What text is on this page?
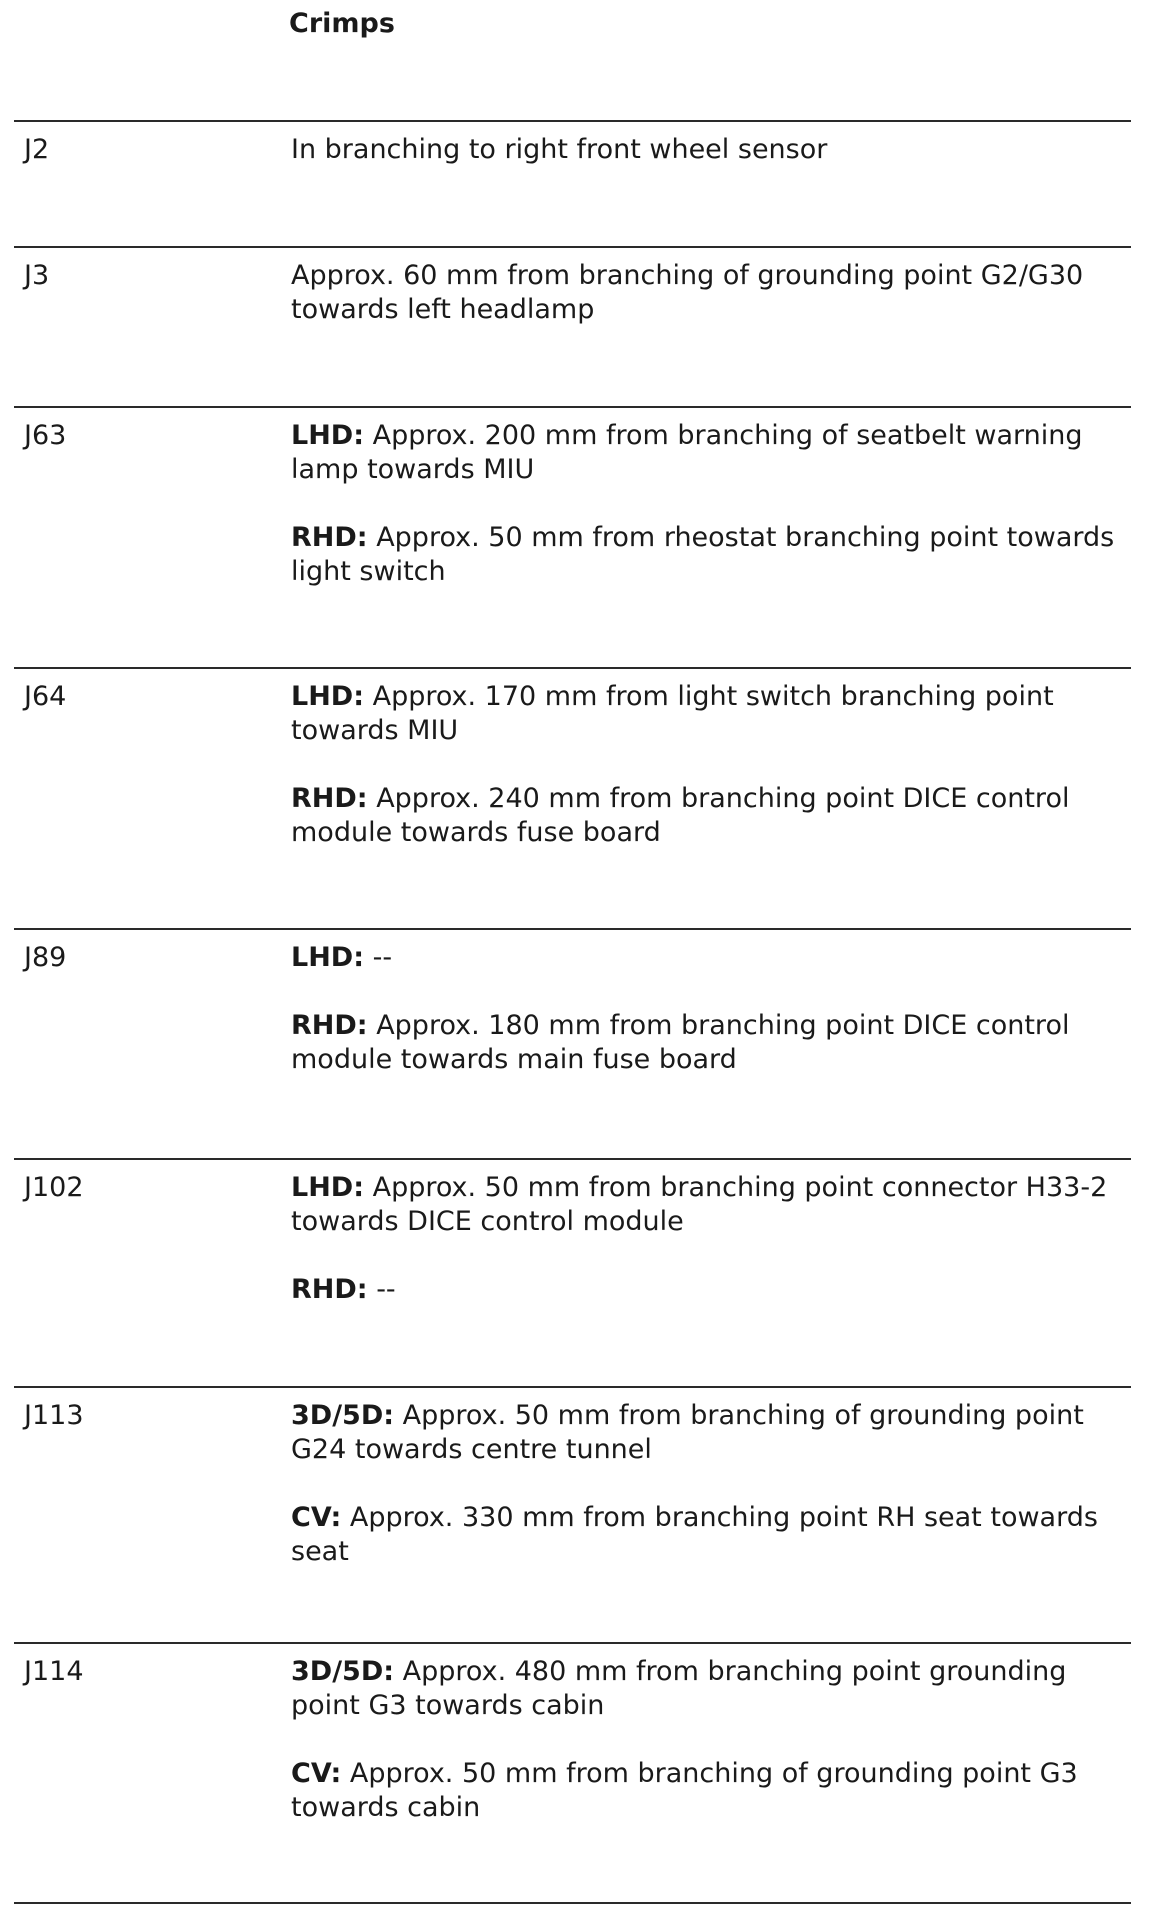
Crimps
J2	In branching to right front wheel sensor
J3	Approx. 60 mm from branching of grounding point G2/G30 towards left headlamp
J63	LHD: Approx. 200 mm from branching of seatbelt warning lamp towards MIU
RHD: Approx. 50 mm from rheostat branching point towards light switch
J64	LHD: Approx. 170 mm from light switch branching point towards MIU
RHD: Approx. 240 mm from branching point DICE control module towards fuse board
J89	LHD: --
RHD: Approx. 180 mm from branching point DICE control module towards main fuse board
J102	LHD: Approx. 50 mm from branching point connector H33-2 towards DICE control module
RHD: --
J113	3D/5D: Approx. 50 mm from branching of grounding point G24 towards centre tunnel
CV: Approx. 330 mm from branching point RH seat towards seat
J114	3D/5D: Approx. 480 mm from branching point grounding point G3 towards cabin
CV: Approx. 50 mm from branching of grounding point G3 towards cabin
